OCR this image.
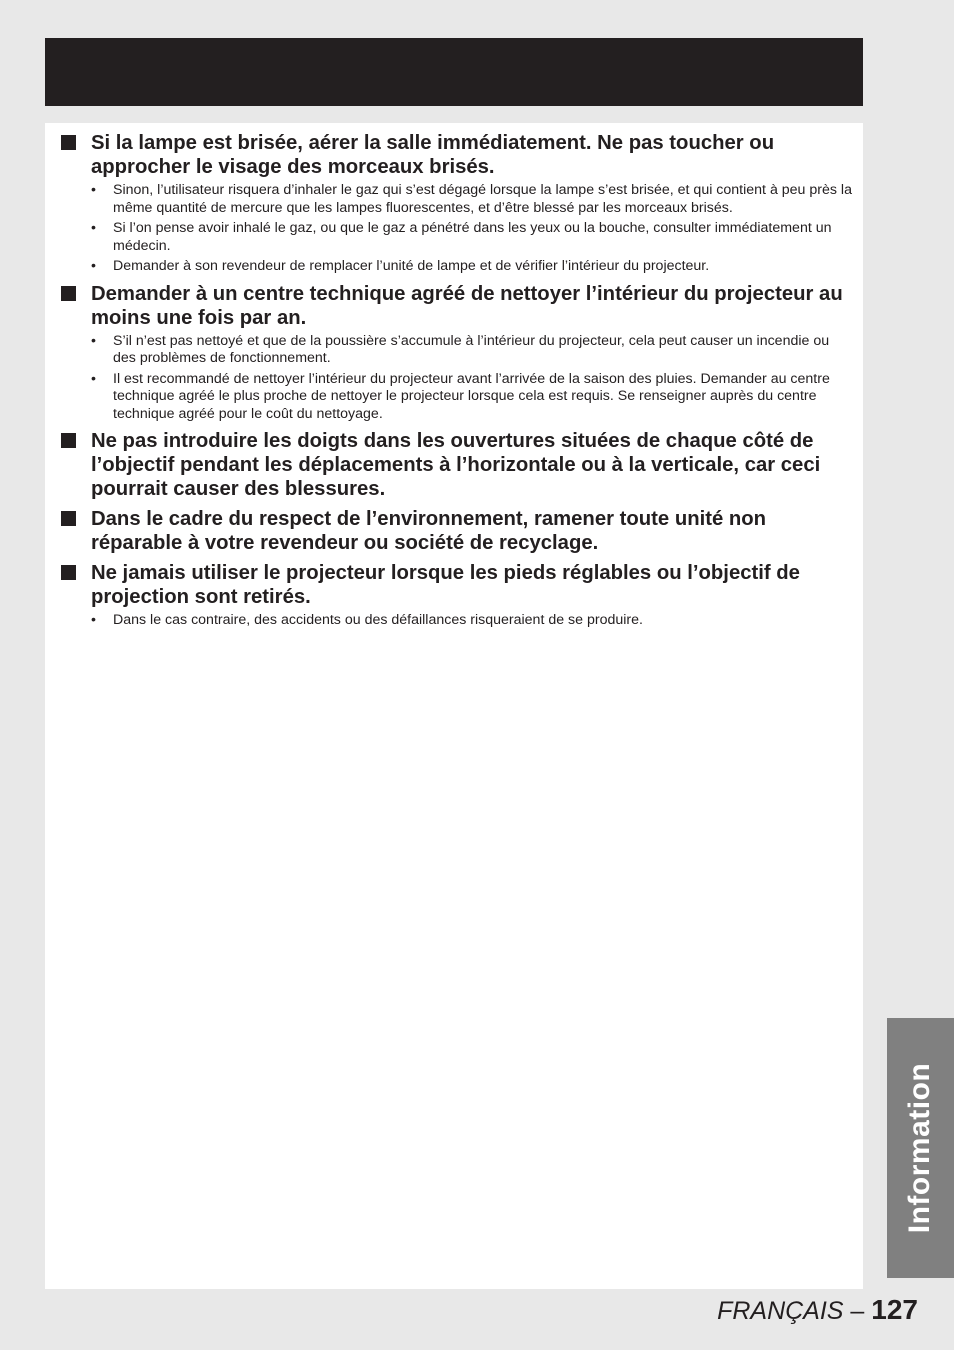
Si la lampe est brisée, aérer la salle immédiatement. Ne pas toucher ou approcher le visage des morceaux brisés.
•	Sinon, l’utilisateur risquera d’inhaler le gaz qui s’est dégagé lorsque la lampe s’est brisée, et qui contient à peu près la même quantité de mercure que les lampes fluorescentes, et d’être blessé par les morceaux brisés.
•	Si l’on pense avoir inhalé le gaz, ou que le gaz a pénétré dans les yeux ou la bouche, consulter immédiatement un médecin.
•	Demander à son revendeur de remplacer l’unité de lampe et de vérifier l’intérieur du projecteur.
Demander à un centre technique agréé de nettoyer l’intérieur du projecteur au moins une fois par an.
•	S’il n’est pas nettoyé et que de la poussière s’accumule à l’intérieur du projecteur, cela peut causer un incendie ou des problèmes de fonctionnement.
•	Il est recommandé de nettoyer l’intérieur du projecteur avant l’arrivée de la saison des pluies. Demander au centre technique agréé le plus proche de nettoyer le projecteur lorsque cela est requis. Se renseigner auprès du centre technique agréé pour le coût du nettoyage.
Ne pas introduire les doigts dans les ouvertures situées de chaque côté de l’objectif pendant les déplacements à l’horizontale ou à la verticale, car ceci pourrait causer des blessures.
Dans le cadre du respect de l’environnement, ramener toute unité non réparable à votre revendeur ou société de recyclage.
Ne jamais utiliser le projecteur lorsque les pieds réglables ou l’objectif de projection sont retirés.
•	Dans le cas contraire, des accidents ou des défaillances risqueraient de se produire.
Information
FRANÇAIS – 127
